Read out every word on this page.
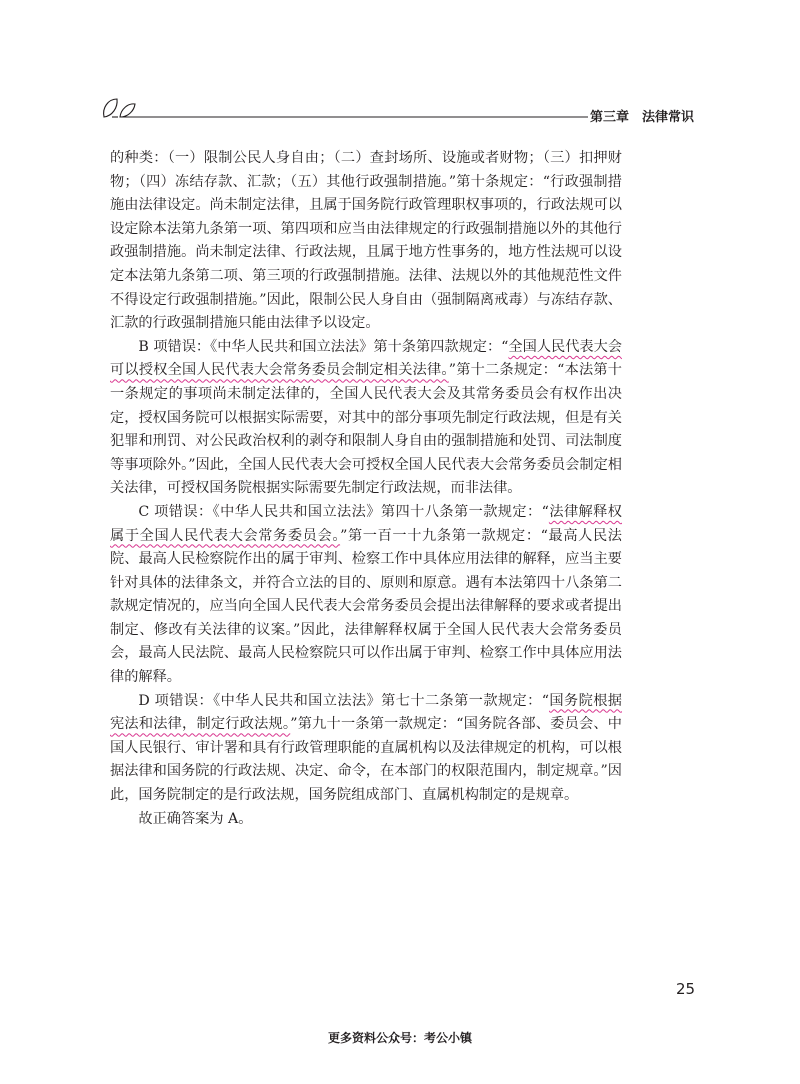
第三章　法律常识

的种类：（一）限制公民人身自由；（二）查封场所、设施或者财物；（三）扣押财物；（四）冻结存款、汇款；（五）其他行政强制措施。”第十条规定：“行政强制措施由法律设定。尚未制定法律，且属于国务院行政管理职权事项的，行政法规可以设定除本法第九条第一项、第四项和应当由法律规定的行政强制措施以外的其他行政强制措施。尚未制定法律、行政法规，且属于地方性事务的，地方性法规可以设定本法第九条第二项、第三项的行政强制措施。法律、法规以外的其他规范性文件不得设定行政强制措施。”因此，限制公民人身自由（强制隔离戒毒）与冻结存款、汇款的行政强制措施只能由法律予以设定。

B 项错误：《中华人民共和国立法法》第十条第四款规定：“全国人民代表大会可以授权全国人民代表大会常务委员会制定相关法律。”第十二条规定：“本法第十一条规定的事项尚未制定法律的，全国人民代表大会及其常务委员会有权作出决定，授权国务院可以根据实际需要，对其中的部分事项先制定行政法规，但是有关犯罪和刑罚、对公民政治权利的剥夺和限制人身自由的强制措施和处罚、司法制度等事项除外。”因此，全国人民代表大会可授权全国人民代表大会常务委员会制定相关法律，可授权国务院根据实际需要先制定行政法规，而非法律。

C 项错误：《中华人民共和国立法法》第四十八条第一款规定：“法律解释权属于全国人民代表大会常务委员会。”第一百一十九条第一款规定：“最高人民法院、最高人民检察院作出的属于审判、检察工作中具体应用法律的解释，应当主要针对具体的法律条文，并符合立法的目的、原则和原意。遇有本法第四十八条第二款规定情况的，应当向全国人民代表大会常务委员会提出法律解释的要求或者提出制定、修改有关法律的议案。”因此，法律解释权属于全国人民代表大会常务委员会，最高人民法院、最高人民检察院只可以作出属于审判、检察工作中具体应用法律的解释。

D 项错误：《中华人民共和国立法法》第七十二条第一款规定：“国务院根据宪法和法律，制定行政法规。”第九十一条第一款规定：“国务院各部、委员会、中国人民银行、审计署和具有行政管理职能的直属机构以及法律规定的机构，可以根据法律和国务院的行政法规、决定、命令，在本部门的权限范围内，制定规章。”因此，国务院制定的是行政法规，国务院组成部门、直属机构制定的是规章。

故正确答案为 A。

25
更多资料公众号：考公小镇
